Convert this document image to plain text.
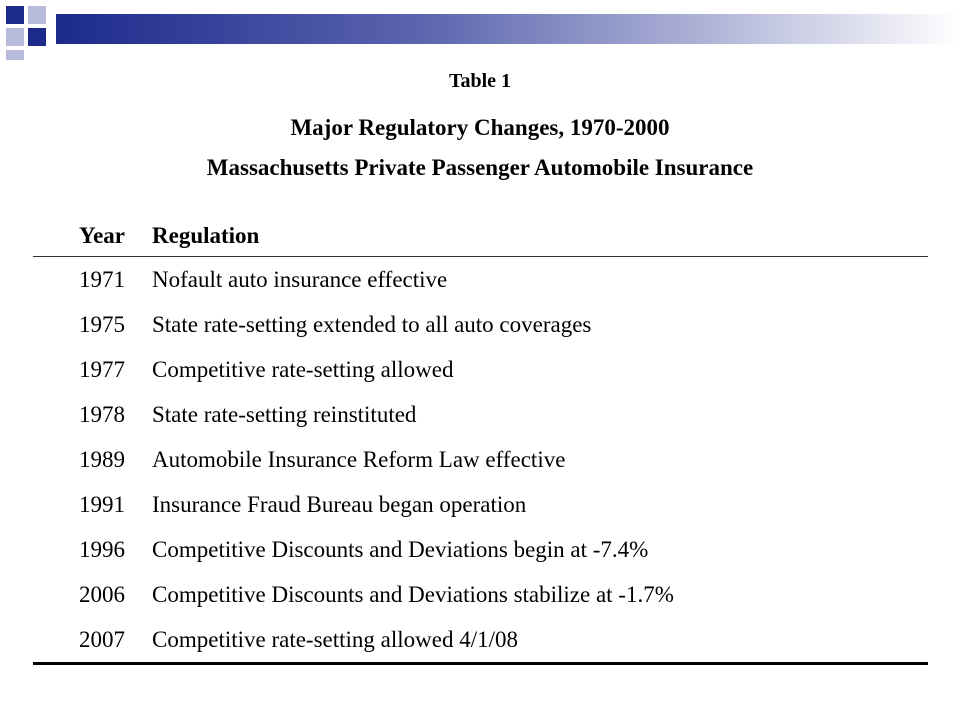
Table 1
Major Regulatory Changes, 1970-2000
Massachusetts Private Passenger Automobile Insurance
Year Regulation
1971 Nofault auto insurance effective
1975 State rate-setting extended to all auto coverages
1977 Competitive rate-setting allowed
1978 State rate-setting reinstituted
1989 Automobile Insurance Reform Law effective
1991 Insurance Fraud Bureau began operation
1996 Competitive Discounts and Deviations begin at -7.4%
2006 Competitive Discounts and Deviations stabilize at -1.7%
2007 Competitive rate-setting allowed 4/1/08
